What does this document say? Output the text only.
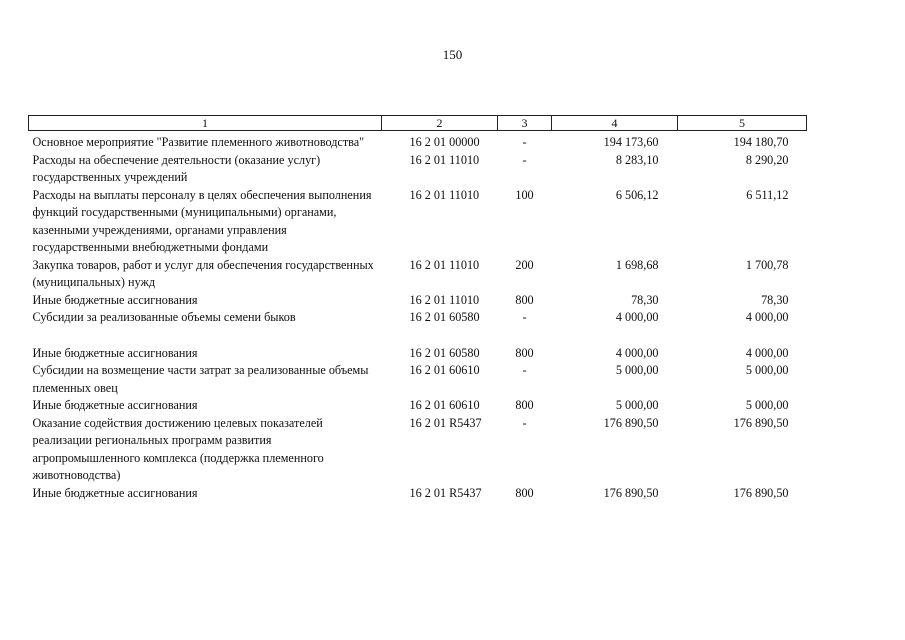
150
1	2	3	4	5
Основное мероприятие "Развитие племенного животноводства"	16 2 01 00000	-	194 173,60	194 180,70
Расходы на обеспечение деятельности (оказание услуг) государственных учреждений	16 2 01 11010	-	8 283,10	8 290,20
Расходы на выплаты персоналу в целях обеспечения выполнения функций государственными (муниципальными) органами, казенными учреждениями, органами управления государственными внебюджетными фондами	16 2 01 11010	100	6 506,12	6 511,12
Закупка товаров, работ и услуг для обеспечения государственных (муниципальных) нужд	16 2 01 11010	200	1 698,68	1 700,78
Иные бюджетные ассигнования	16 2 01 11010	800	78,30	78,30
Субсидии за реализованные объемы семени быков	16 2 01 60580	-	4 000,00	4 000,00

Иные бюджетные ассигнования	16 2 01 60580	800	4 000,00	4 000,00
Субсидии на возмещение части затрат за реализованные объемы племенных овец	16 2 01 60610	-	5 000,00	5 000,00
Иные бюджетные ассигнования	16 2 01 60610	800	5 000,00	5 000,00
Оказание содействия достижению целевых показателей реализации региональных программ развития агропромышленного комплекса (поддержка племенного животноводства)	16 2 01 R5437	-	176 890,50	176 890,50
Иные бюджетные ассигнования	16 2 01 R5437	800	176 890,50	176 890,50
